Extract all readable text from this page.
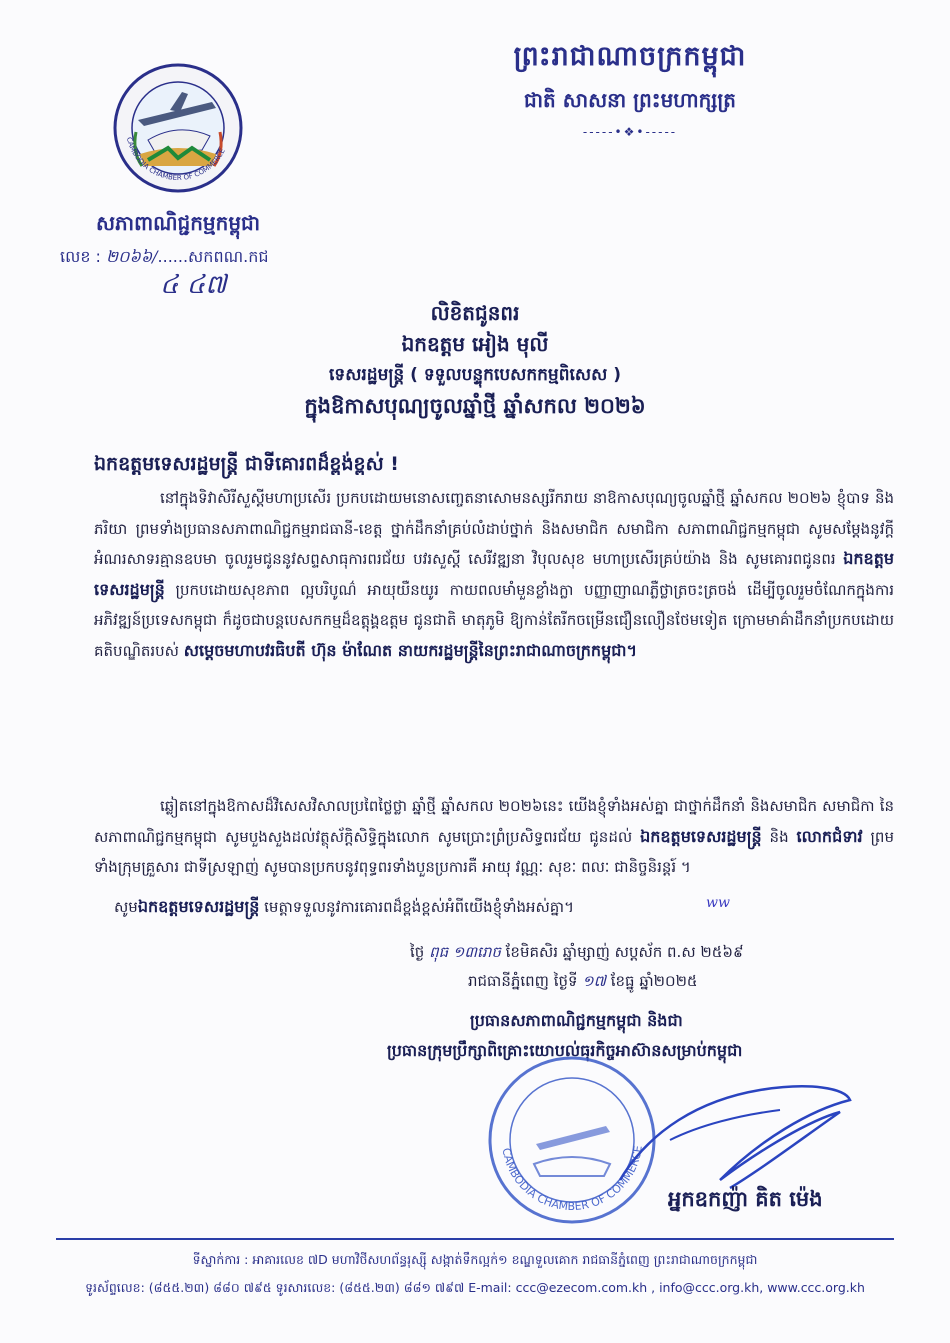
ព្រះរាជាណាចក្រកម្ពុជា
ជាតិ សាសនា ព្រះមហាក្សត្រ
-----•❖•-----
CAMBODIA CHAMBER OF COMMERCE
សភាពាណិជ្ជកម្មកម្ពុជា
លេខ : ២០៦៦/......សកពណ.កជ
៤ ៤៧
លិខិតជូនពរ
ឯកឧត្តម អៀង មុលី
ទេសរដ្ឋមន្ត្រី ( ទទួលបន្ទុកបេសកកម្មពិសេស )
ក្នុងឱកាសបុណ្យចូលឆ្នាំថ្មី ឆ្នាំសកល ២០២៦
ឯកឧត្តមទេសរដ្ឋមន្ត្រី ជាទីគោរពដ៏ខ្ពង់ខ្ពស់ !
នៅក្នុងទិវាសិរីសួស្តីមហាប្រសើរ ប្រកបដោយមនោសញ្ចេតនាសោមនស្សរីករាយ នាឱកាសបុណ្យចូលឆ្នាំថ្មី ឆ្នាំសកល ២០២៦ ខ្ញុំបាទ និងភរិយា ព្រមទាំងប្រធានសភាពាណិជ្ជកម្មរាជធានី-ខេត្ត ថ្នាក់ដឹកនាំគ្រប់លំដាប់ថ្នាក់ និងសមាជិក សមាជិកា សភាពាណិជ្ជកម្មកម្ពុជា សូមសម្តែងនូវក្តីអំណរសាទរគ្មានឧបមា ចូលរួមជូននូវសព្ទសាធុការពរជ័យ បវរសួស្តី សេរីវឌ្ឍនា វិបុលសុខ មហាប្រសើរគ្រប់យ៉ាង និង សូមគោរពជូនពរ ឯកឧត្តមទេសរដ្ឋមន្ត្រី ប្រកបដោយសុខភាព ល្អបរិបូណ៌ អាយុយឺនយូរ កាយពលមាំមួនខ្លាំងក្លា បញ្ញាញាណភ្លឺថ្លាត្រចះត្រចង់ ដើម្បីចូលរួមចំណែកក្នុងការអភិវឌ្ឍន៍ប្រទេសកម្ពុជា ក៏ដូចជាបន្តបេសកកម្មដ៏ឧត្តុង្គឧត្តម ជូនជាតិ មាតុភូមិ ឱ្យកាន់តែរីកចម្រើនជឿនលឿនថែមទៀត ក្រោមមាគ៌ាដឹកនាំប្រកបដោយគតិបណ្ឌិតរបស់ សម្តេចមហាបវរធិបតី ហ៊ុន ម៉ាណែត នាយករដ្ឋមន្ត្រីនៃព្រះរាជាណាចក្រកម្ពុជា។
ឆ្លៀតនៅក្នុងឱកាសដ៏វិសេសវិសាលប្រពៃថ្លៃថ្លា ឆ្នាំថ្មី ឆ្នាំសកល ២០២៦នេះ យើងខ្ញុំទាំងអស់គ្នា ជាថ្នាក់ដឹកនាំ និងសមាជិក សមាជិកា នៃសភាពាណិជ្ជកម្មកម្ពុជា សូមបួងសួងដល់វត្ថុស័ក្តិសិទ្ធិក្នុងលោក សូមប្រោះព្រំប្រសិទ្ធពរជ័យ ជូនដល់ ឯកឧត្តមទេសរដ្ឋមន្ត្រី និង លោកជំទាវ ព្រមទាំងក្រុមគ្រួសារ ជាទីស្រឡាញ់ សូមបានប្រកបនូវពុទ្ធពរទាំងបួនប្រការគឺ អាយុ វណ្ណៈ សុខៈ ពលៈ ជានិច្ចនិរន្តរ៍ ។
សូមឯកឧត្តមទេសរដ្ឋមន្ត្រី មេត្តាទទួលនូវការគោរពដ៏ខ្ពង់ខ្ពស់អំពីយើងខ្ញុំទាំងអស់គ្នា។	ww
ថ្ងៃ ពុធ ១៣រោច ខែមិគសិរ ឆ្នាំម្សាញ់ សប្តស័ក ព.ស ២៥៦៩
រាជធានីភ្នំពេញ ថ្ងៃទី ១៧ ខែធ្នូ ឆ្នាំ២០២៥
ប្រធានសភាពាណិជ្ជកម្មកម្ពុជា និងជា
ប្រធានក្រុមប្រឹក្សាពិគ្រោះយោបល់ធុរកិច្ចអាស៊ានសម្រាប់កម្ពុជា
CAMBODIA CHAMBER OF COMMERCE
អ្នកឧកញ៉ា គិត ម៉េង
ទីស្នាក់ការ : អាគារលេខ ៧D មហាវិថីសហព័ន្ធរុស្ស៊ី សង្កាត់ទឹកល្អក់១ ខណ្ឌទួលគោក រាជធានីភ្នំពេញ ព្រះរាជាណាចក្រកម្ពុជា
ទូរស័ព្ទលេខ: (៨៥៥.២៣) ៨៨០ ៧៩៥ ទូរសារលេខ: (៨៥៥.២៣) ៨៨១ ៧៩៧ E-mail: ccc@ezecom.com.kh , info@ccc.org.kh, www.ccc.org.kh
